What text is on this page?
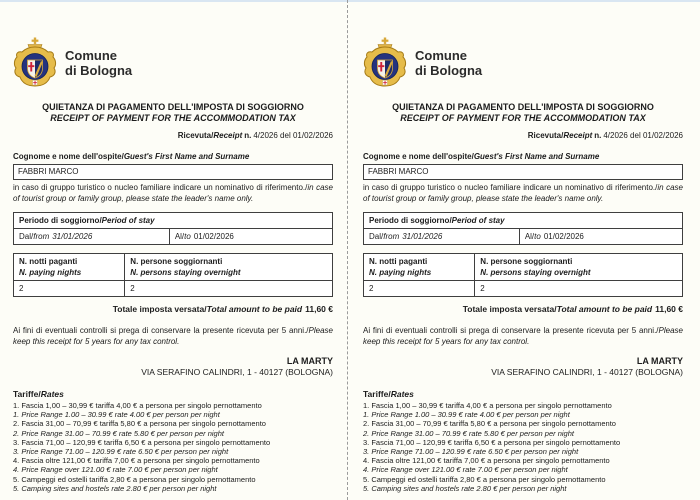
Comune
di Bologna
QUIETANZA DI PAGAMENTO DELL'IMPOSTA DI SOGGIORNO
RECEIPT OF PAYMENT FOR THE ACCOMMODATION TAX
Ricevuta/Receipt n. 4/2026 del 01/02/2026
Cognome e nome dell'ospite/Guest's First Name and Surname
FABBRI MARCO
in caso di gruppo turistico o nucleo familiare indicare un nominativo di riferimento./in case of tourist group or family group, please state the leader's name only.
Periodo di soggiorno/Period of stay
Dal/from 31/01/2026	Al/to 01/02/2026
N. notti paganti
N. paying nights
N. persone soggiornanti
N. persons staying overnight
2	2
Totale imposta versata/Total amount to be paid 11,60 €
Ai fini di eventuali controlli si prega di conservare la presente ricevuta per 5 anni./Please keep this receipt for 5 years for any tax control.
LA MARTY
VIA SERAFINO CALINDRI, 1 - 40127 (BOLOGNA)
Tariffe/Rates
1. Fascia 1,00 – 30,99 € tariffa 4,00 € a persona per singolo pernottamento
1. Price Range 1.00 – 30.99 € rate 4.00 € per person per night
2. Fascia 31,00 – 70,99 € tariffa 5,80 € a persona per singolo pernottamento
2. Price Range 31.00 – 70.99 € rate 5.80 € per person per night
3. Fascia 71,00 – 120,99 € tariffa 6,50 € a persona per singolo pernottamento
3. Price Range 71.00 – 120.99 € rate 6.50 € per person per night
4. Fascia oltre 121,00 € tariffa 7,00 € a persona per singolo pernottamento
4. Price Range over 121.00 € rate 7.00 € per person per night
5. Campeggi ed ostelli tariffa 2,80 € a persona per singolo pernottamento
5. Camping sites and hostels rate 2.80 € per person per night
Comune
di Bologna
QUIETANZA DI PAGAMENTO DELL'IMPOSTA DI SOGGIORNO
RECEIPT OF PAYMENT FOR THE ACCOMMODATION TAX
Ricevuta/Receipt n. 4/2026 del 01/02/2026
Cognome e nome dell'ospite/Guest's First Name and Surname
FABBRI MARCO
in caso di gruppo turistico o nucleo familiare indicare un nominativo di riferimento./in case of tourist group or family group, please state the leader's name only.
Periodo di soggiorno/Period of stay
Dal/from 31/01/2026	Al/to 01/02/2026
N. notti paganti
N. paying nights
N. persone soggiornanti
N. persons staying overnight
2	2
Totale imposta versata/Total amount to be paid 11,60 €
Ai fini di eventuali controlli si prega di conservare la presente ricevuta per 5 anni./Please keep this receipt for 5 years for any tax control.
LA MARTY
VIA SERAFINO CALINDRI, 1 - 40127 (BOLOGNA)
Tariffe/Rates
1. Fascia 1,00 – 30,99 € tariffa 4,00 € a persona per singolo pernottamento
1. Price Range 1.00 – 30.99 € rate 4.00 € per person per night
2. Fascia 31,00 – 70,99 € tariffa 5,80 € a persona per singolo pernottamento
2. Price Range 31.00 – 70.99 € rate 5.80 € per person per night
3. Fascia 71,00 – 120,99 € tariffa 6,50 € a persona per singolo pernottamento
3. Price Range 71.00 – 120.99 € rate 6.50 € per person per night
4. Fascia oltre 121,00 € tariffa 7,00 € a persona per singolo pernottamento
4. Price Range over 121.00 € rate 7.00 € per person per night
5. Campeggi ed ostelli tariffa 2,80 € a persona per singolo pernottamento
5. Camping sites and hostels rate 2.80 € per person per night
